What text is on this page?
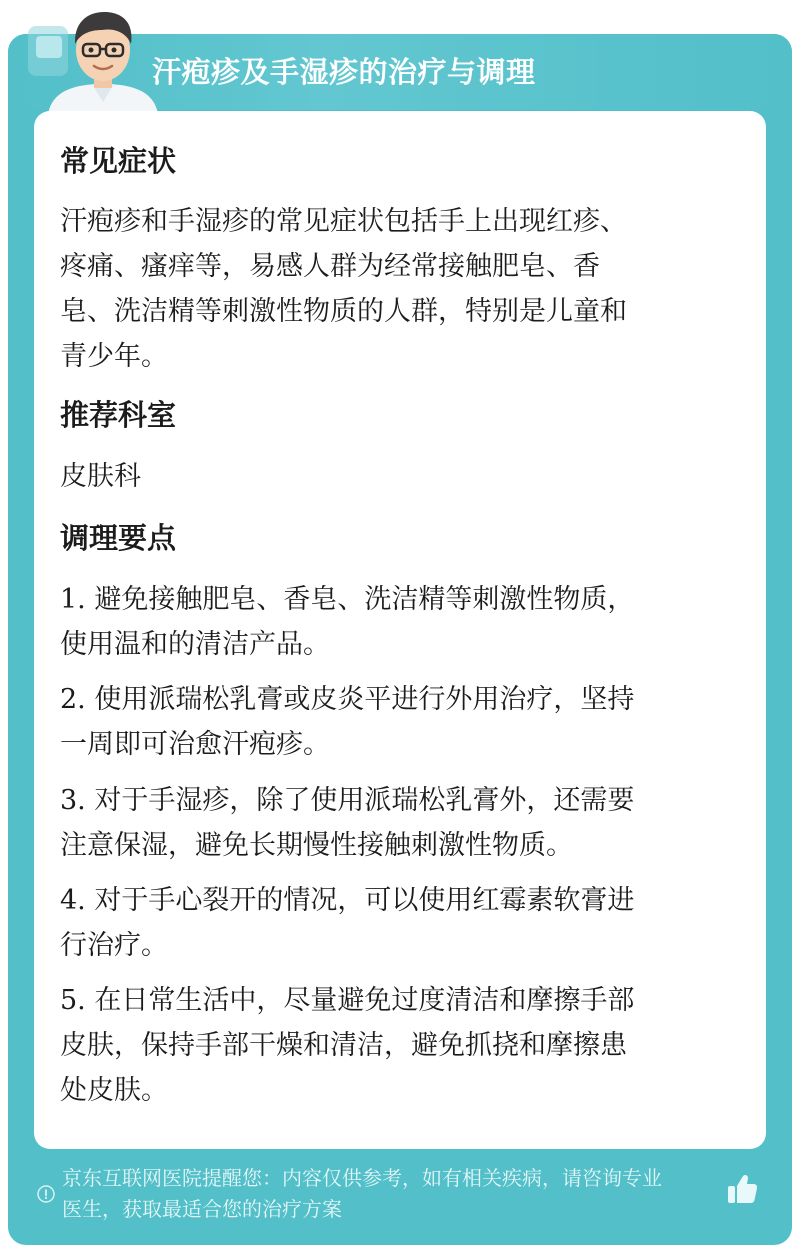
汗疱疹及手湿疹的治疗与调理
常见症状
汗疱疹和手湿疹的常见症状包括手上出现红疹、
疼痛、瘙痒等，易感人群为经常接触肥皂、香
皂、洗洁精等刺激性物质的人群，特别是儿童和
青少年。
推荐科室
皮肤科
调理要点
1. 避免接触肥皂、香皂、洗洁精等刺激性物质，
使用温和的清洁产品。
2. 使用派瑞松乳膏或皮炎平进行外用治疗，坚持
一周即可治愈汗疱疹。
3. 对于手湿疹，除了使用派瑞松乳膏外，还需要
注意保湿，避免长期慢性接触刺激性物质。
4. 对于手心裂开的情况，可以使用红霉素软膏进
行治疗。
5. 在日常生活中，尽量避免过度清洁和摩擦手部
皮肤，保持手部干燥和清洁，避免抓挠和摩擦患
处皮肤。
京东互联网医院提醒您：内容仅供参考，如有相关疾病，请咨询专业
医生，获取最适合您的治疗方案
